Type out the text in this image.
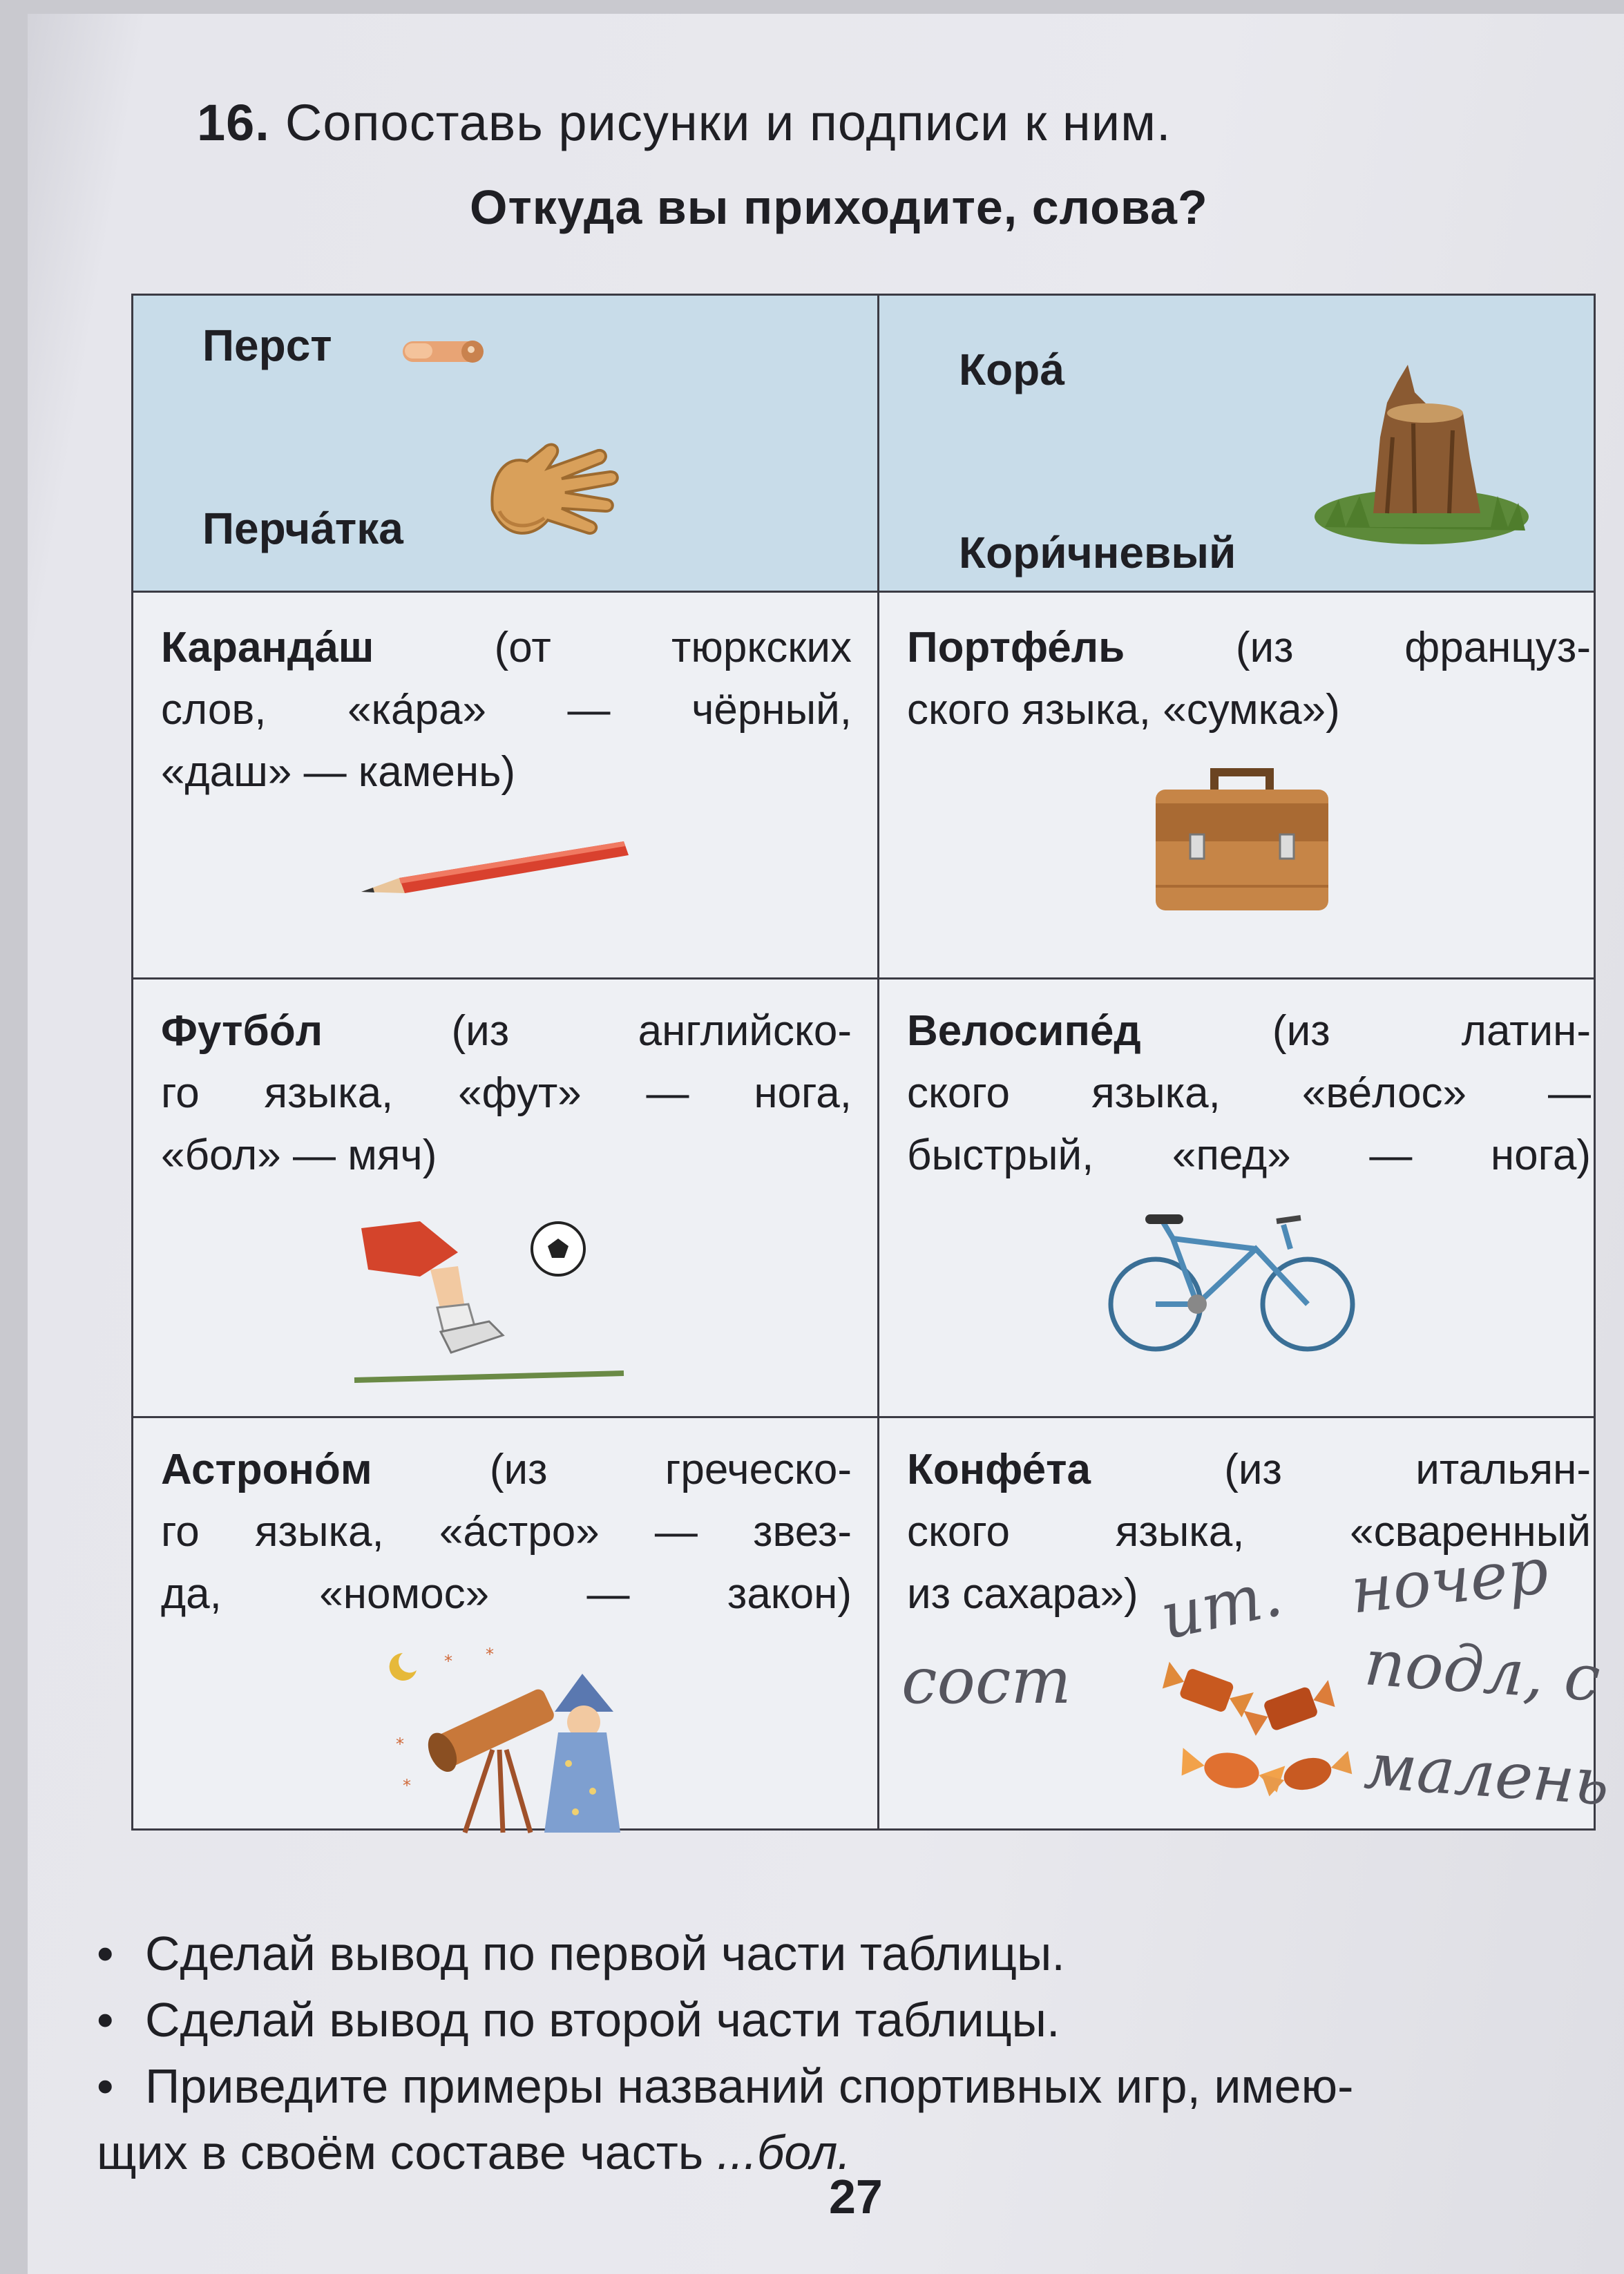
16. Сопоставь рисунки и подписи к ним.
Откуда вы приходите, слова?
Перст
Перча́тка
Кора́
Кори́чневый
Каранда́ш	(от тюркских
слов, «ка́ра» — чёрный,
«даш» — камень)
Портфе́ль	(из француз-
ского языка, «сумка»)
Футбо́л	(из английско-
го языка, «фут» — нога,
«бол» — мяч)
Велосипе́д	(из латин-
ского языка, «ве́лос» —
быстрый, «пед» — нога)
Астроно́м	(из греческо-
го языка, «а́стро» — звез-
да, «номос» — закон)
* *
*
*
Конфе́та	(из итальян-
ского языка, «сваренный
из сахара») ит. ночер
сост	подл, с
малень
• Сделай вывод по первой части таблицы.
• Сделай вывод по второй части таблицы.
• Приведите примеры названий спортивных игр, имею-
щих в своём составе часть ...бол.
27
